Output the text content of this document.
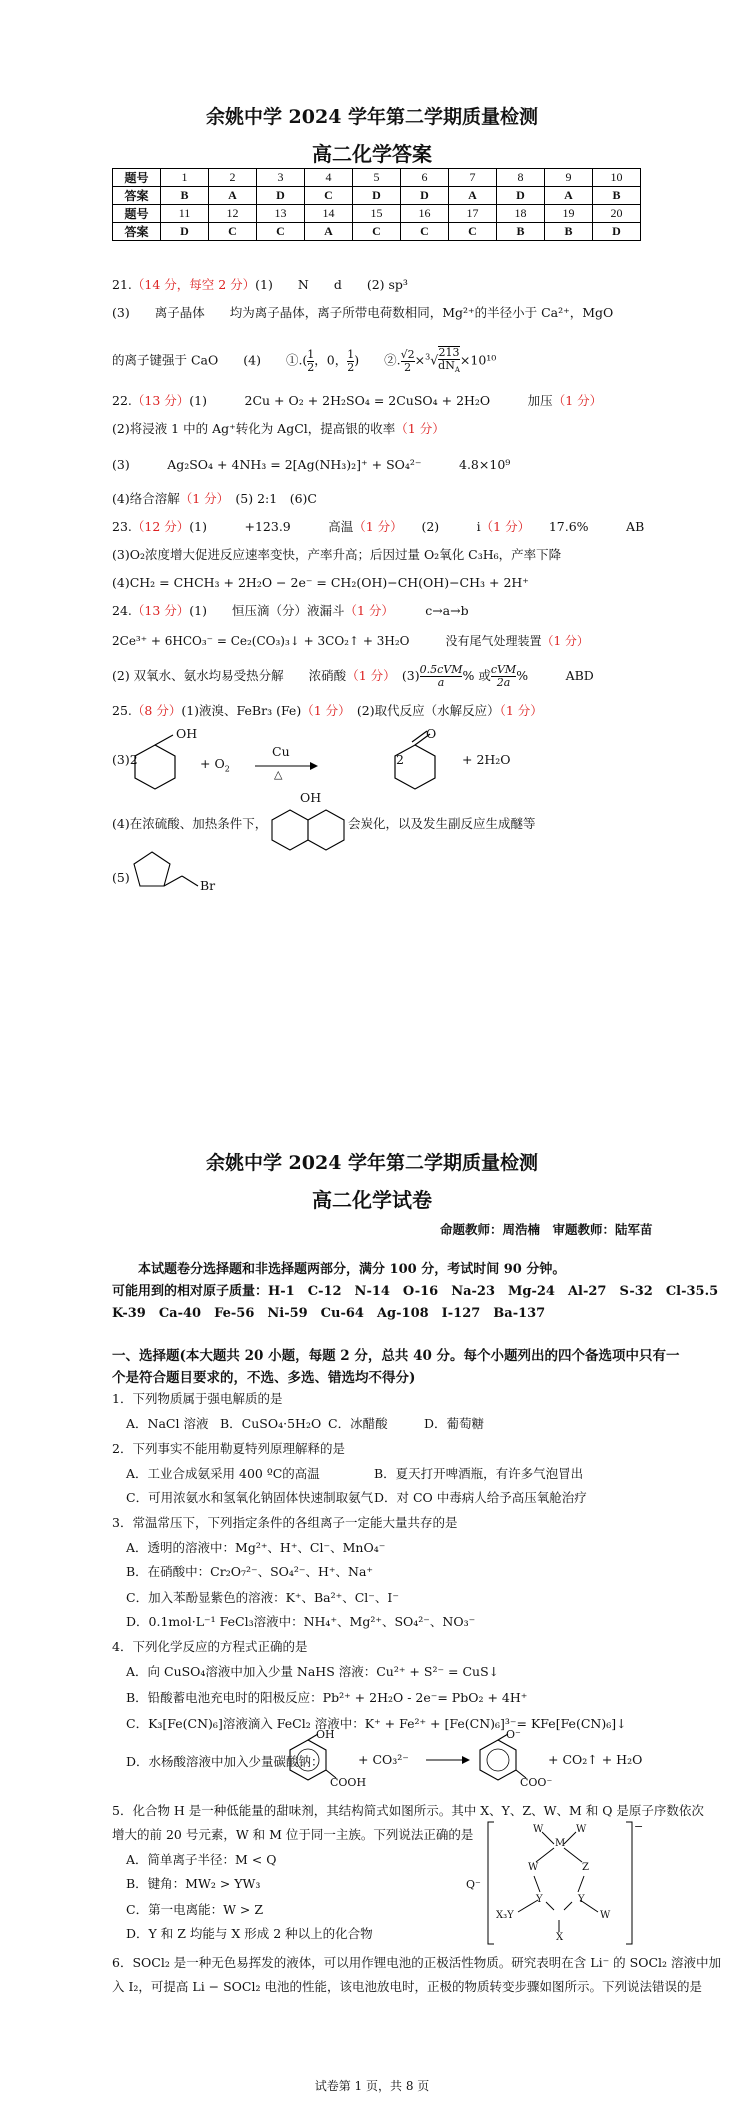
余姚中学 2024 学年第二学期质量检测
高二化学答案
题号	1	2	3	4	5	6	7	8	9	10
答案	B	A	D	C	D	D	A	D	A	B
题号	11	12	13	14	15	16	17	18	19	20
答案	D	C	C	A	C	C	C	B	B	D
21.（14 分，每空 2 分）(1)　　N　　d　　(2) sp³
(3)　　离子晶体　　均为离子晶体，离子所带电荷数相同，Mg²⁺的半径小于 Ca²⁺，MgO
的离子键强于 CaO　　(4)　　①.( $\frac{1}{2}$ ，0， $\frac{1}{2}$ )　　②. $\frac{√2}{2} \times^3√$
213
$dN_A$
×10¹⁰
22.（13 分）(1)　　　2Cu + O₂ + 2H₂SO₄ = 2CuSO₄ + 2H₂O　　　加压（1 分）
(2)将浸液 1 中的 Ag⁺转化为 AgCl，提高银的收率（1 分）
(3)　　　Ag₂SO₄ + 4NH₃ = 2[Ag(NH₃)₂]⁺ + SO₄²⁻　　　4.8×10⁹
(4)络合溶解（1 分）　(5) 2:1　(6)C
23.（12 分）(1)　　　+123.9　　　高温（1 分）　　(2)　　　i（1 分）　　17.6%　　　AB
(3)O₂浓度增大促进反应速率变快，产率升高；后因过量 O₂氧化 C₃H₆，产率下降
(4)CH₂ = CHCH₃ + 2H₂O − 2e⁻ = CH₂(OH)−CH(OH)−CH₃ + 2H⁺
24.（13 分）(1)　　恒压滴（分）液漏斗（1 分）　　　c→a→b
2Ce³⁺ + 6HCO₃⁻ = Ce₂(CO₃)₃↓ + 3CO₂↑ + 3H₂O　　　没有尾气处理装置（1 分）
(2) 双氧水、氨水均易受热分解　　浓硝酸（1 分）　(3) 0.5cVM
a	% 或 cVM
2a %　　　ABD
25.（8 分）(1)液溴、FeBr₃ (Fe)（1 分）　(2)取代反应（水解反应）（1 分）
(3)2
OH
+ $O_2$
Cu
△
2
O
+ 2H₂O
(4)在浓硫酸、加热条件下，
OH
会炭化，以及发生副反应生成醚等
(5)
Br
余姚中学 2024 学年第二学期质量检测
高二化学试卷
命题教师：周浩楠　审题教师：陆军苗
本试题卷分选择题和非选择题两部分，满分 100 分，考试时间 90 分钟。
可能用到的相对原子质量：H-1　C-12　N-14　O-16　Na-23　Mg-24　Al-27　S-32　Cl-35.5
K-39　Ca-40　Fe-56　Ni-59　Cu-64　Ag-108　I-127　Ba-137
一、选择题(本大题共 20 小题，每题 2 分，总共 40 分。每个小题列出的四个备选项中只有一
个是符合题目要求的，不选、多选、错选均不得分)
1．下列物质属于强电解质的是
A．NaCl 溶液 B．CuSO₄·5H₂O C．冰醋酸	D．葡萄糖
2．下列事实不能用勒夏特列原理解释的是
A．工业合成氨采用 400 ºC的高温	B．夏天打开啤酒瓶，有许多气泡冒出
C．可用浓氨水和氢氧化钠固体快速制取氨气 D．对 CO 中毒病人给予高压氧舱治疗
3．常温常压下，下列指定条件的各组离子一定能大量共存的是
A．透明的溶液中：Mg²⁺、H⁺、Cl⁻、MnO₄⁻
B．在硝酸中：Cr₂O₇²⁻、SO₄²⁻、H⁺、Na⁺
C．加入苯酚显紫色的溶液：K⁺、Ba²⁺、Cl⁻、I⁻
D．0.1mol·L⁻¹ FeCl₃溶液中：NH₄⁺、Mg²⁺、SO₄²⁻、NO₃⁻
4．下列化学反应的方程式正确的是
A．向 CuSO₄溶液中加入少量 NaHS 溶液：Cu²⁺ + S²⁻ = CuS↓
B．铅酸蓄电池充电时的阳极反应：Pb²⁺ + 2H₂O - 2e⁻= PbO₂ + 4H⁺
C．K₃[Fe(CN)₆]溶液滴入 FeCl₂ 溶液中：K⁺ + Fe²⁺ + [Fe(CN)₆]³⁻= KFe[Fe(CN)₆]↓
D．水杨酸溶液中加入少量碳酸钠：
OH
COOH
+ CO₃²⁻
O⁻
COO⁻
+ CO₂↑ + H₂O
5．化合物 H 是一种低能量的甜味剂，其结构简式如图所示。其中 X、Y、Z、W、M 和 Q 是原子序数依次
增大的前 20 号元素，W 和 M 位于同一主族。下列说法正确的是
A．简单离子半径：M < Q
B．键角：MW₂ > YW₃
C．第一电离能：W > Z
D．Y 和 Z 均能与 X 形成 2 种以上的化合物
Q⁻
W	W
M
W	Z
X₃Y
Y	Y
W
X
−
6．SOCl₂ 是一种无色易挥发的液体，可以用作锂电池的正极活性物质。研究表明在含 Li⁻ 的 SOCl₂ 溶液中加
入 I₂，可提高 Li − SOCl₂ 电池的性能，该电池放电时，正极的物质转变步骤如图所示。下列说法错误的是
试卷第 1 页，共 8 页
